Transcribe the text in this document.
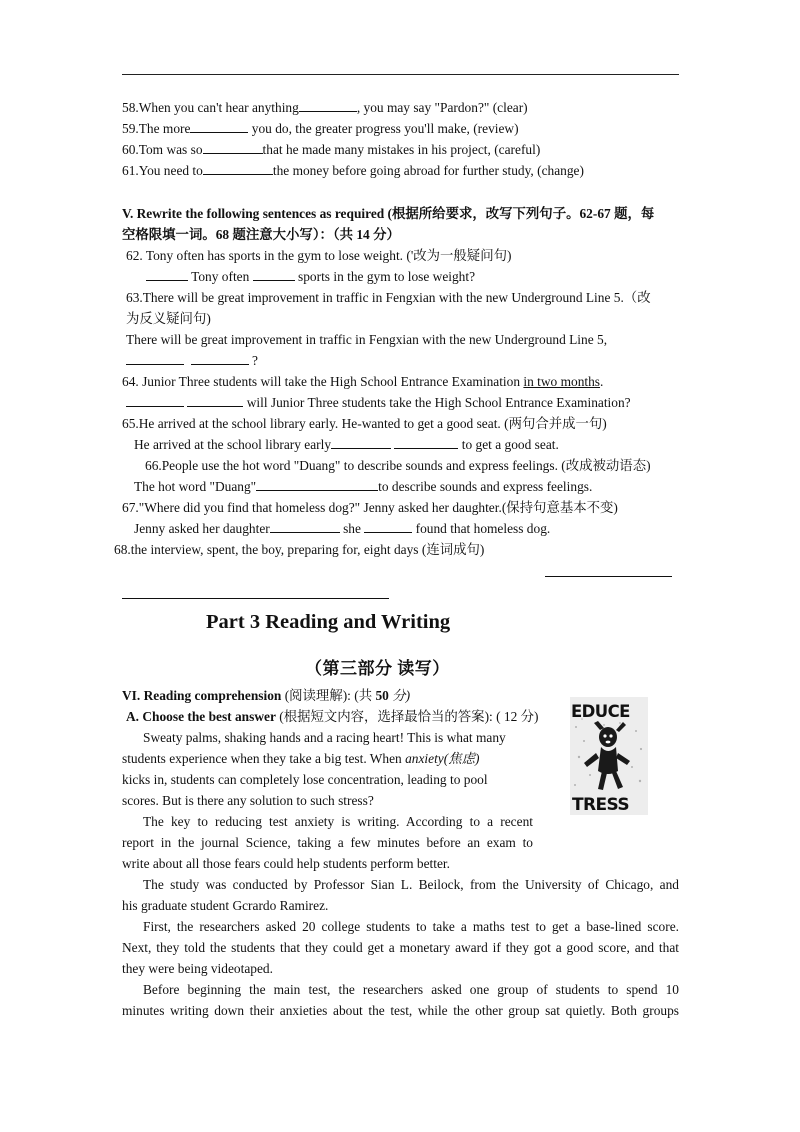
58.When you can't hear anything	, you may say "Pardon?" (clear)
59.The more	you do, the greater progress you'll make, (review)
60.Tom was so	that he made many mistakes in his project, (careful)
61.You need to	the money before going abroad for further study, (change)
V. Rewrite the following sentences as required (根据所给要求，改写下列句子。62-67 题，每
空格限填一词。68 题注意大小写）：（共 14 分）
62. Tony often has sports in the gym to lose weight. ('改为一般疑问句)
Tony often	sports in the gym to lose weight?
63.There will be great improvement in traffic in Fengxian with the new Underground Line 5.（改
为反义疑问句)
There will be great improvement in traffic in Fengxian with the new Underground Line 5,
?
64. Junior Three students will take the High School Entrance Examination in two months.
will Junior Three students take the High School Entrance Examination?
65.He arrived at the school library early. He-wanted to get a good seat. (两句合并成一句)
He arrived at the school library early	to get a good seat.
66.People use the hot word "Duang" to describe sounds and express feelings. (改成被动语态)
The hot word "Duang"	to describe sounds and express feelings.
67."Where did you find that homeless dog?" Jenny asked her daughter.(保持句意基本不变)
Jenny asked her daughter	she	found that homeless dog.
68.the interview, spent, the boy, preparing for, eight days (连词成句)
Part 3 Reading and Writing
（第三部分 读写）
VI. Reading comprehension (阅读理解): (共 50 分)
A. Choose the best answer (根据短文内容，选择最恰当的答案): ( 12 分) EDUCE
TRESS
Sweaty palms, shaking hands and a racing heart! This is what many
students experience when they take a big test. When anxiety(焦虑)
kicks in, students can completely lose concentration, leading to pool
scores. But is there any solution to such stress?
The key to reducing test anxiety is writing. According to a recent
report in the journal Science, taking a few minutes before an exam to
write about all those fears could help students perform better.
The study was conducted by Professor Sian L. Beilock, from the University of Chicago, and
his graduate student Gcrardo Ramirez.
First, the researchers asked 20 college students to take a maths test to get a base-lined score.
Next, they told the students that they could get a monetary award if they got a good score, and that
they were being videotaped.
Before beginning the main test, the researchers asked one group of students to spend 10
minutes writing down their anxieties about the test, while the other group sat quietly. Both groups
